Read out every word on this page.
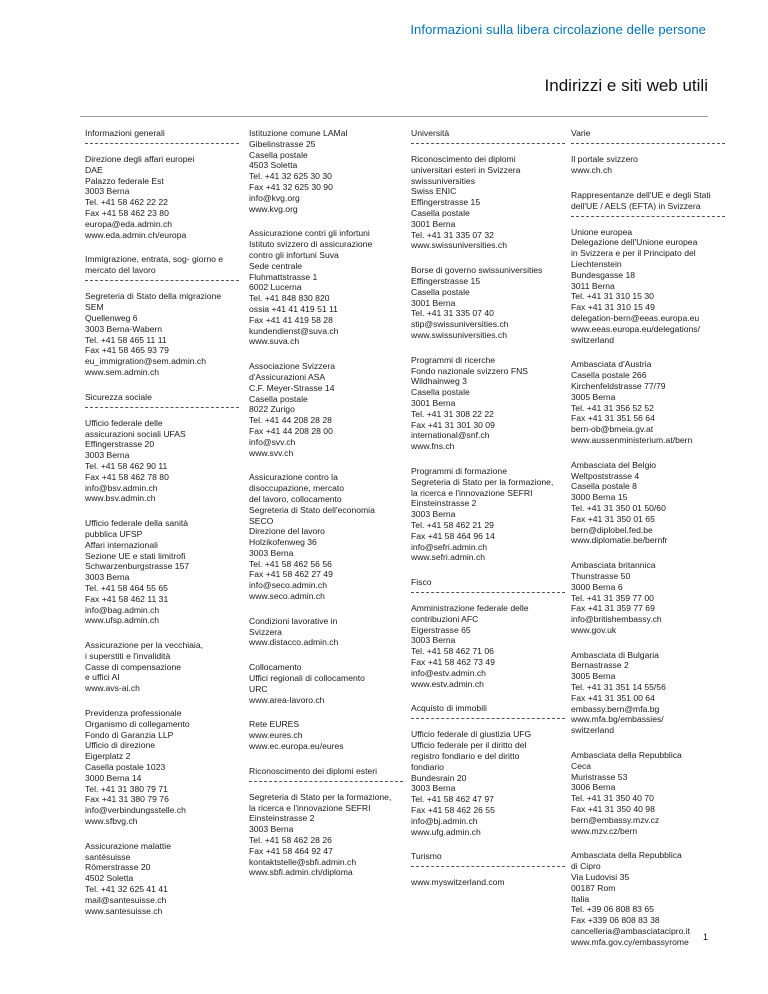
Informazioni sulla libera circolazione delle persone
Indirizzi e siti web utili
Informazioni generali
Direzione degli affari europei
DAE
Palazzo federale Est
3003 Berna
Tel. +41 58 462 22 22
Fax +41 58 462 23 80
europa@eda.admin.ch
www.eda.admin.ch/europa
Immigrazione, entrata, sog- giorno e mercato del lavoro
Segreteria di Stato della migrazione
SEM
Quellenweg 6
3003 Berna-Wabern
Tel. +41 58 465 11 11
Fax +41 58 465 93 79
eu_immigration@sem.admin.ch
www.sem.admin.ch
Sicurezza sociale
Ufficio federale delle
assicurazioni sociali UFAS
Effingerstrasse 20
3003 Berna
Tel. +41 58 462 90 11
Fax +41 58 462 78 80
info@bsv.admin.ch
www.bsv.admin.ch
Ufficio federale della sanità
pubblica UFSP
Affari internazionali
Sezione UE e stati limitrofi
Schwarzenburgstrasse 157
3003 Berna
Tel. +41 58 464 55 65
Fax +41 58 462 11 31
info@bag.admin.ch
www.ufsp.admin.ch
Assicurazione per la vecchiaia,
i superstiti e l'invalidità
Casse di compensazione
e uffici AI
www.avs-ai.ch
Previdenza professionale
Organismo di collegamento
Fondo di Garanzia LLP
Ufficio di direzione
Eigerplatz 2
Casella postale 1023
3000 Berna 14
Tel. +41 31 380 79 71
Fax +41 31 380 79 76
info@verbindungsstelle.ch
www.sfbvg.ch
Assicurazione malattie
santésuisse
Römerstrasse 20
4502 Soletta
Tel. +41 32 625 41 41
mail@santesuisse.ch
www.santesuisse.ch
Istituzione comune LAMal
Gibelinstrasse 25
Casella postale
4503 Soletta
Tel. +41 32 625 30 30
Fax +41 32 625 30 90
info@kvg.org
www.kvg.org
Assicurazione contri gli infortuni
Istituto svizzero di assicurazione
contro gli infortuni Suva
Sede centrale
Fluhmattstrasse 1
6002 Lucerna
Tel. +41 848 830 820
ossia +41 41 419 51 11
Fax +41 41 419 58 28
kundendienst@suva.ch
www.suva.ch
Associazione Svizzera
d'Assicurazioni ASA
C.F. Meyer-Strasse 14
Casella postale
8022 Zurigo
Tel. +41 44 208 28 28
Fax +41 44 208 28 00
info@svv.ch
www.svv.ch
Assicurazione contro la
disoccupazione, mercato
del lavoro, collocamento
Segreteria di Stato dell'economia
SECO
Direzione del lavoro
Holzikofenweg 36
3003 Berna
Tel. +41 58 462 56 56
Fax +41 58 462 27 49
info@seco.admin.ch
www.seco.admin.ch
Condizioni lavorative in
Svizzera
www.distacco.admin.ch
Collocamento
Uffici regionali di collocamento
URC
www.area-lavoro.ch
Rete EURES
www.eures.ch
www.ec.europa.eu/eures
Riconoscimento dei diplomi esteri
Segreteria di Stato per la formazione,
la ricerca e l'innovazione SEFRI
Einsteinstrasse 2
3003 Berna
Tel. +41 58 462 28 26
Fax +41 58 464 92 47
kontaktstelle@sbfi.admin.ch
www.sbfi.admin.ch/diploma
Università
Riconoscimento dei diplomi
universitari esteri in Svizzera
swissuniversities
Swiss ENIC
Effingerstrasse 15
Casella postale
3001 Berna
Tel. +41 31 335 07 32
www.swissuniversities.ch
Borse di governo swissuniversities
Effingerstrasse 15
Casella postale
3001 Berna
Tel. +41 31 335 07 40
stip@swissuniversities.ch
www.swissuniversities.ch
Programmi di ricerche
Fondo nazionale svizzero FNS
Wildhainweg 3
Casella postale
3001 Berna
Tel. +41 31 308 22 22
Fax +41 31 301 30 09
international@snf.ch
www.fns.ch
Programmi di formazione
Segreteria di Stato per la formazione,
la ricerca e l'innovazione SEFRI
Einsteinstrasse 2
3003 Berna
Tel. +41 58 462 21 29
Fax +41 58 464 96 14
info@sefri.admin.ch
www.sefri.admin.ch
Fisco
Amministrazione federale delle
contribuzioni AFC
Eigerstrasse 65
3003 Berna
Tel. +41 58 462 71 06
Fax +41 58 462 73 49
info@estv.admin.ch
www.estv.admin.ch
Acquisto di immobili
Ufficio federale di giustizia UFG
Ufficio federale per il diritto del
registro fondiario e del diritto
fondiario
Bundesrain 20
3003 Berna
Tel. +41 58 462 47 97
Fax +41 58 462 26 55
info@bj.admin.ch
www.ufg.admin.ch
Turismo
www.myswitzerland.com
Varie
Il portale svizzero
www.ch.ch
Rappresentanze dell'UE e degli Stati dell'UE / AELS (EFTA) in Svizzera
Unione europea
Delegazione dell'Unione europea
in Svizzera e per il Principato del
Liechtenstein
Bundesgasse 18
3011 Berna
Tel. +41 31 310 15 30
Fax +41 31 310 15 49
delegation-bern@eeas.europa.eu
www.eeas.europa.eu/delegations/
switzerland
Ambasciata d'Austria
Casella postale 266
Kirchenfeldstrasse 77/79
3005 Berna
Tel. +41 31 356 52 52
Fax +41 31 351 56 64
bern-ob@bmeia.gv.at
www.aussenministerium.at/bern
Ambasciata del Belgio
Weltpoststrasse 4
Casella postale 8
3000 Berna 15
Tel. +41 31 350 01 50/60
Fax +41 31 350 01 65
bern@diplobel.fed.be
www.diplomatie.be/bernfr
Ambasciata britannica
Thunstrasse 50
3000 Berna 6
Tel. +41 31 359 77 00
Fax +41 31 359 77 69
info@britishembassy.ch
www.gov.uk
Ambasciata di Bulgaria
Bernastrasse 2
3005 Berna
Tel. +41 31 351 14 55/56
Fax +41 31 351 00 64
embassy.bern@mfa.bg
www.mfa.bg/embassies/
switzerland
Ambasciata della Repubblica
Ceca
Muristrasse 53
3006 Berna
Tel. +41 31 350 40 70
Fax +41 31 350 40 98
bern@embassy.mzv.cz
www.mzv.cz/bern
Ambasciata della Repubblica
di Cipro
Via Ludovisi 35
00187 Rom
Italia
Tel. +39 06 808 83 65
Fax +339 06 808 83 38
cancelleria@ambasciatacipro.it
www.mfa.gov.cy/embassyrome	1
